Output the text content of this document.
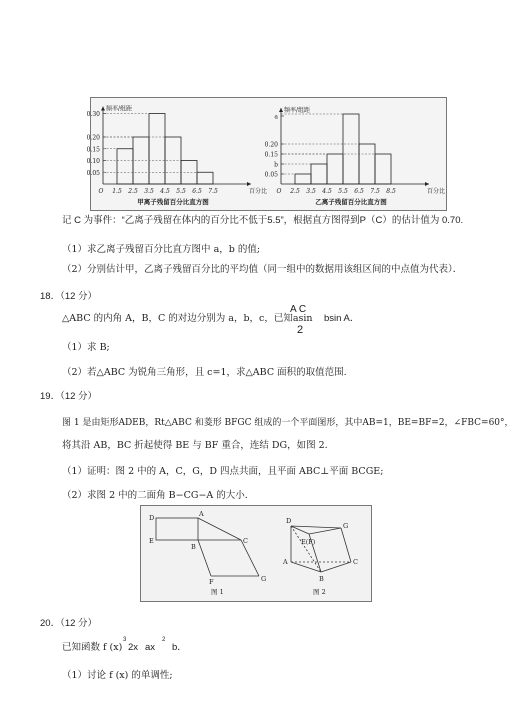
0.30
0.20
0.15
0.10
0.05
O 1.5 2.5 3.5 4.5 5.5 6.5 7.5	百分比
频率/组距
甲离子残留百分比直方图
a
0.20
0.15
b
0.05
O 2.5 3.5 4.5 5.5 6.5 7.5 8.5	百分比
频率/组距
乙离子残留百分比直方图
记 C 为事件：“乙离子残留在体内的百分比不低于5.5”，根据直方图得到P（C）的估计值为 0.70.
（1）求乙离子残留百分比直方图中 a，b 的值;
（2）分别估计甲，乙离子残留百分比的平均值（同一组中的数据用该组区间的中点值为代表）．
18．（12 分）
△ABC 的内角 A，B，C 的对边分别为 a，b，c，已知asin
A C
2
bsin A．
（1）求 B;
（2）若△ABC 为锐角三角形，且 c=1，求△ABC 面积的取值范围.
19．（12 分）
图 1 是由矩形ADEB，Rt△ABC 和菱形 BFGC 组成的一个平面图形，其中AB=1，BE=BF=2，∠FBC=60°，
将其沿 AB，BC 折起使得 BE 与 BF 重合，连结 DG，如图 2.
（1）证明：图 2 中的 A，C，G，D 四点共面，且平面 ABC⊥平面 BCGE;
（2）求图 2 中的二面角 B−CG−A 的大小.
D	A
E
B
C
F	G
D
G
E(F)
A	C
B
图 1	图 2
20．（12 分）
已知函数 f (x)
3
2x
2
ax b．
（1）讨论 f (x) 的单调性;
